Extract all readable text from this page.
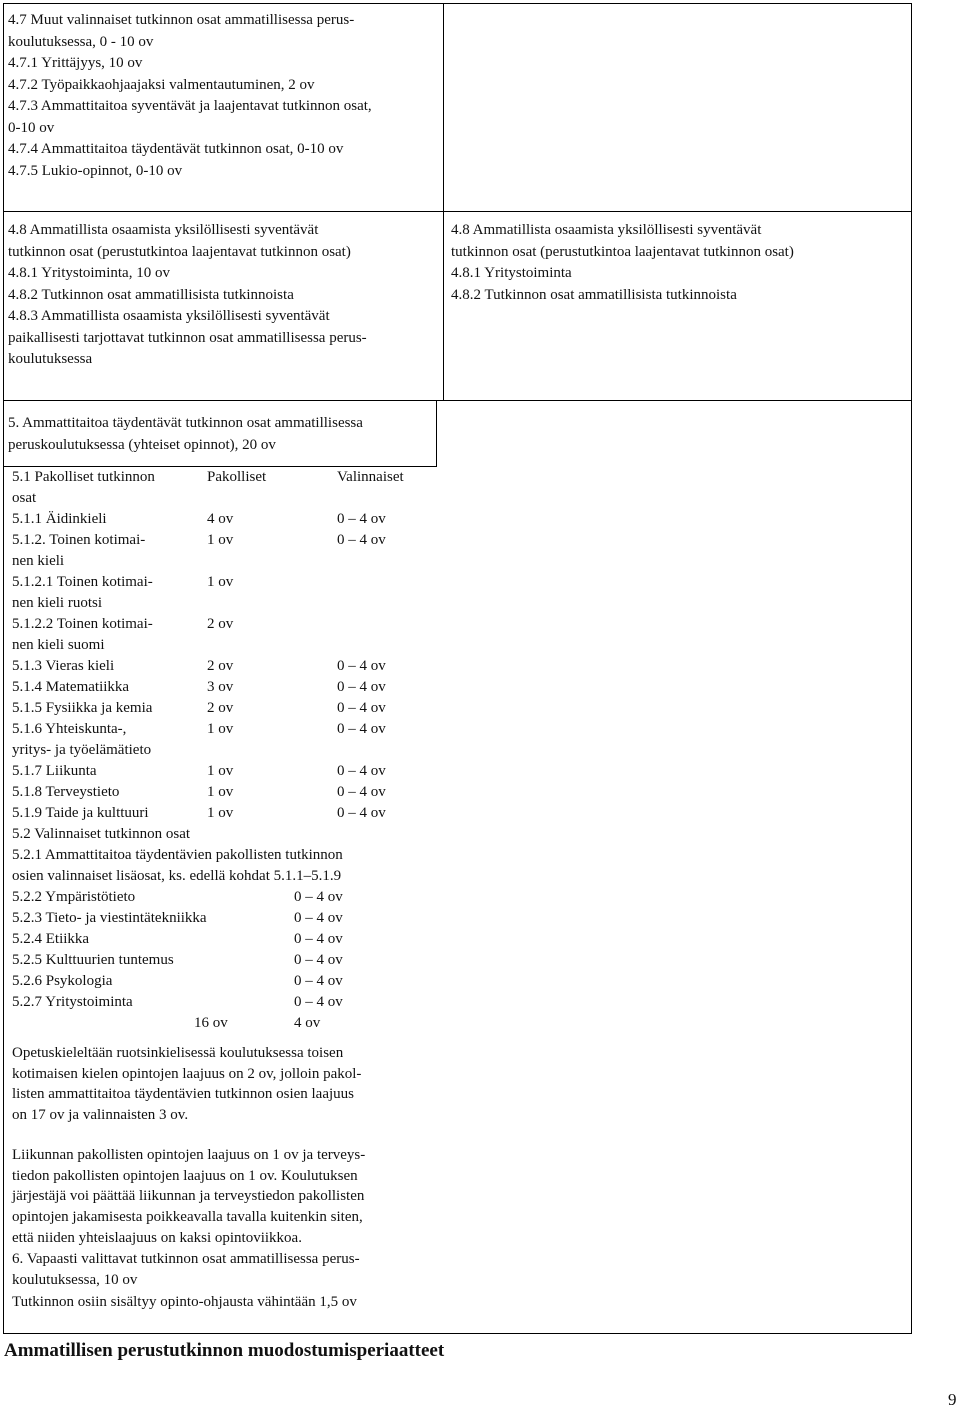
4.7 Muut valinnaiset tutkinnon osat ammatillisessa perus-
koulutuksessa, 0 - 10 ov
4.7.1 Yrittäjyys, 10 ov
4.7.2 Työpaikkaohjaajaksi valmentautuminen, 2 ov
4.7.3 Ammattitaitoa syventävät ja laajentavat tutkinnon osat,
0-10 ov
4.7.4 Ammattitaitoa täydentävät tutkinnon osat, 0-10 ov
4.7.5 Lukio-opinnot, 0-10 ov
4.8 Ammatillista osaamista yksilöllisesti syventävät
tutkinnon osat (perustutkintoa laajentavat tutkinnon osat)
4.8.1 Yritystoiminta, 10 ov
4.8.2 Tutkinnon osat ammatillisista tutkinnoista
4.8.3 Ammatillista osaamista yksilöllisesti syventävät
paikallisesti tarjottavat tutkinnon osat ammatillisessa perus-
koulutuksessa
4.8 Ammatillista osaamista yksilöllisesti syventävät
tutkinnon osat (perustutkintoa laajentavat tutkinnon osat)
4.8.1 Yritystoiminta
4.8.2 Tutkinnon osat ammatillisista tutkinnoista
5. Ammattitaitoa täydentävät tutkinnon osat ammatillisessa
peruskoulutuksessa (yhteiset opinnot), 20 ov
5.1 Pakolliset tutkinnon	Pakolliset	Valinnaiset
osat
5.1.1 Äidinkieli	4 ov	0 – 4 ov
5.1.2. Toinen kotimai-	1 ov	0 – 4 ov
nen kieli
5.1.2.1 Toinen kotimai-	1 ov
nen kieli ruotsi
5.1.2.2 Toinen kotimai-	2 ov
nen kieli suomi
5.1.3 Vieras kieli	2 ov	0 – 4 ov
5.1.4 Matematiikka	3 ov	0 – 4 ov
5.1.5 Fysiikka ja kemia	2 ov	0 – 4 ov
5.1.6 Yhteiskunta-,	1 ov	0 – 4 ov
yritys- ja työelämätieto
5.1.7 Liikunta	1 ov	0 – 4 ov
5.1.8 Terveystieto	1 ov	0 – 4 ov
5.1.9 Taide ja kulttuuri	1 ov	0 – 4 ov
5.2 Valinnaiset tutkinnon osat
5.2.1 Ammattitaitoa täydentävien pakollisten tutkinnon
osien valinnaiset lisäosat, ks. edellä kohdat 5.1.1–5.1.9
5.2.2 Ympäristötieto	0 – 4 ov
5.2.3 Tieto- ja viestintätekniikka	0 – 4 ov
5.2.4 Etiikka	0 – 4 ov
5.2.5 Kulttuurien tuntemus	0 – 4 ov
5.2.6 Psykologia	0 – 4 ov
5.2.7 Yritystoiminta	0 – 4 ov
16 ov	4 ov
Opetuskieleltään ruotsinkielisessä koulutuksessa toisen
kotimaisen kielen opintojen laajuus on 2 ov, jolloin pakol-
listen ammattitaitoa täydentävien tutkinnon osien laajuus
on 17 ov ja valinnaisten 3 ov.
Liikunnan pakollisten opintojen laajuus on 1 ov ja terveys-
tiedon pakollisten opintojen laajuus on 1 ov. Koulutuksen
järjestäjä voi päättää liikunnan ja terveystiedon pakollisten
opintojen jakamisesta poikkeavalla tavalla kuitenkin siten,
että niiden yhteislaajuus on kaksi opintoviikkoa.
6. Vapaasti valittavat tutkinnon osat ammatillisessa perus-
koulutuksessa, 10 ov
Tutkinnon osiin sisältyy opinto-ohjausta vähintään 1,5 ov
Ammatillisen perustutkinnon muodostumisperiaatteet
9
